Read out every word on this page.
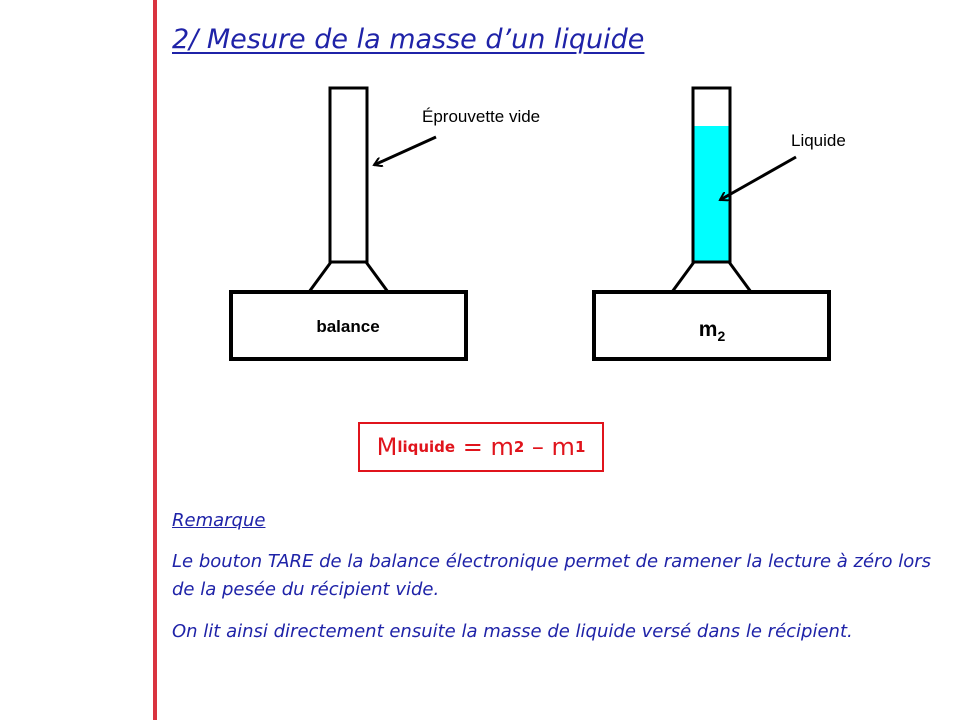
2/ Mesure de la masse d’un liquide
balance
Éprouvette vide
$m_2$
Liquide
M liquide = m 2 – m 1
Remarque
Le bouton TARE de la balance électronique permet de ramener la lecture à zéro lors de la pesée du récipient vide.
On lit ainsi directement ensuite la masse de liquide versé dans le récipient.
